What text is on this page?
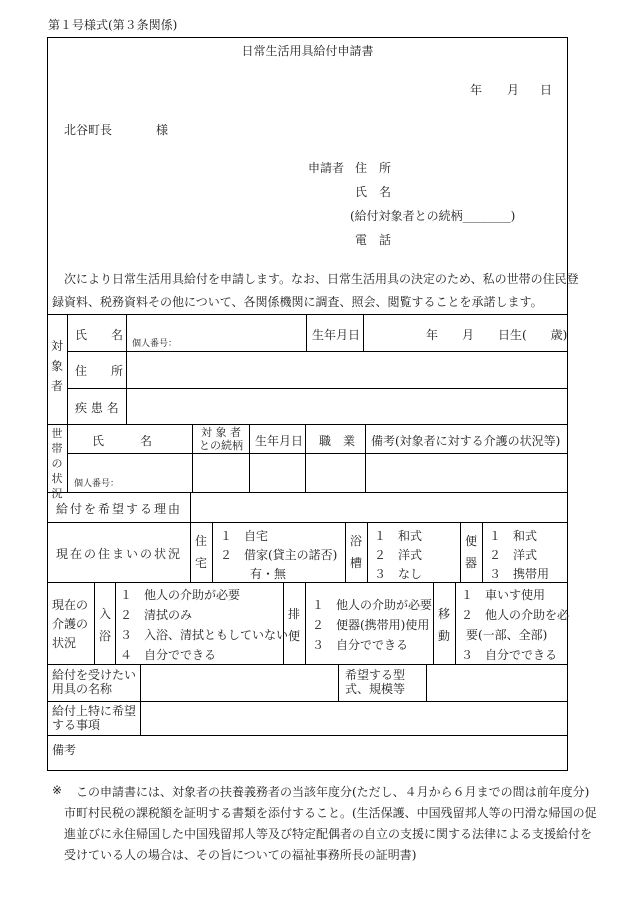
第１号様式(第３条関係)
日常生活用具給付申請書
年 月 日
北谷町長	様
申請者 住　所
氏　名
(給付対象者との続柄________)
電　話
次により日常生活用具給付を申請します。なお、日常生活用具の決定のため、私の世帯の住民登
録資料、税務資料その他について、各関係機関に調査、照会、閲覧することを承諾します。
対象者
氏　　名
個人番号：
生年月日	年　　月　　日生(　　歳)
住　　所
疾 患 名
世帯の状況
氏　　　名
対 象 者との続柄 生年月日 職　業 備考(対象者に対する介護の状況等)
個人番号：
給付を希望する理由
現在の住まいの状況
住宅
１　自宅
２　借家(貸主の諾否)
有・無
浴槽
１　和式
２　洋式
３　なし
便器
１　和式
２　洋式
３　携帯用
現在の介護の状況
入浴
１　他人の介助が必要
２　清拭のみ
３　入浴、清拭ともしていない
４　自分でできる
排便
１　他人の介助が必要
２　便器(携帯用)使用
３　自分でできる
移動
１　車いす使用
２　他人の介助を必
要(一部、全部)
３　自分でできる
給付を受けたい用具の名称
希望する型式、規模等
給付上特に希望する事項
備考
※ この申請書には、対象者の扶養義務者の当該年度分(ただし、４月から６月までの間は前年度分)
市町村民税の課税額を証明する書類を添付すること。(生活保護、中国残留邦人等の円滑な帰国の促
進並びに永住帰国した中国残留邦人等及び特定配偶者の自立の支援に関する法律による支援給付を
受けている人の場合は、その旨についての福祉事務所長の証明書)
